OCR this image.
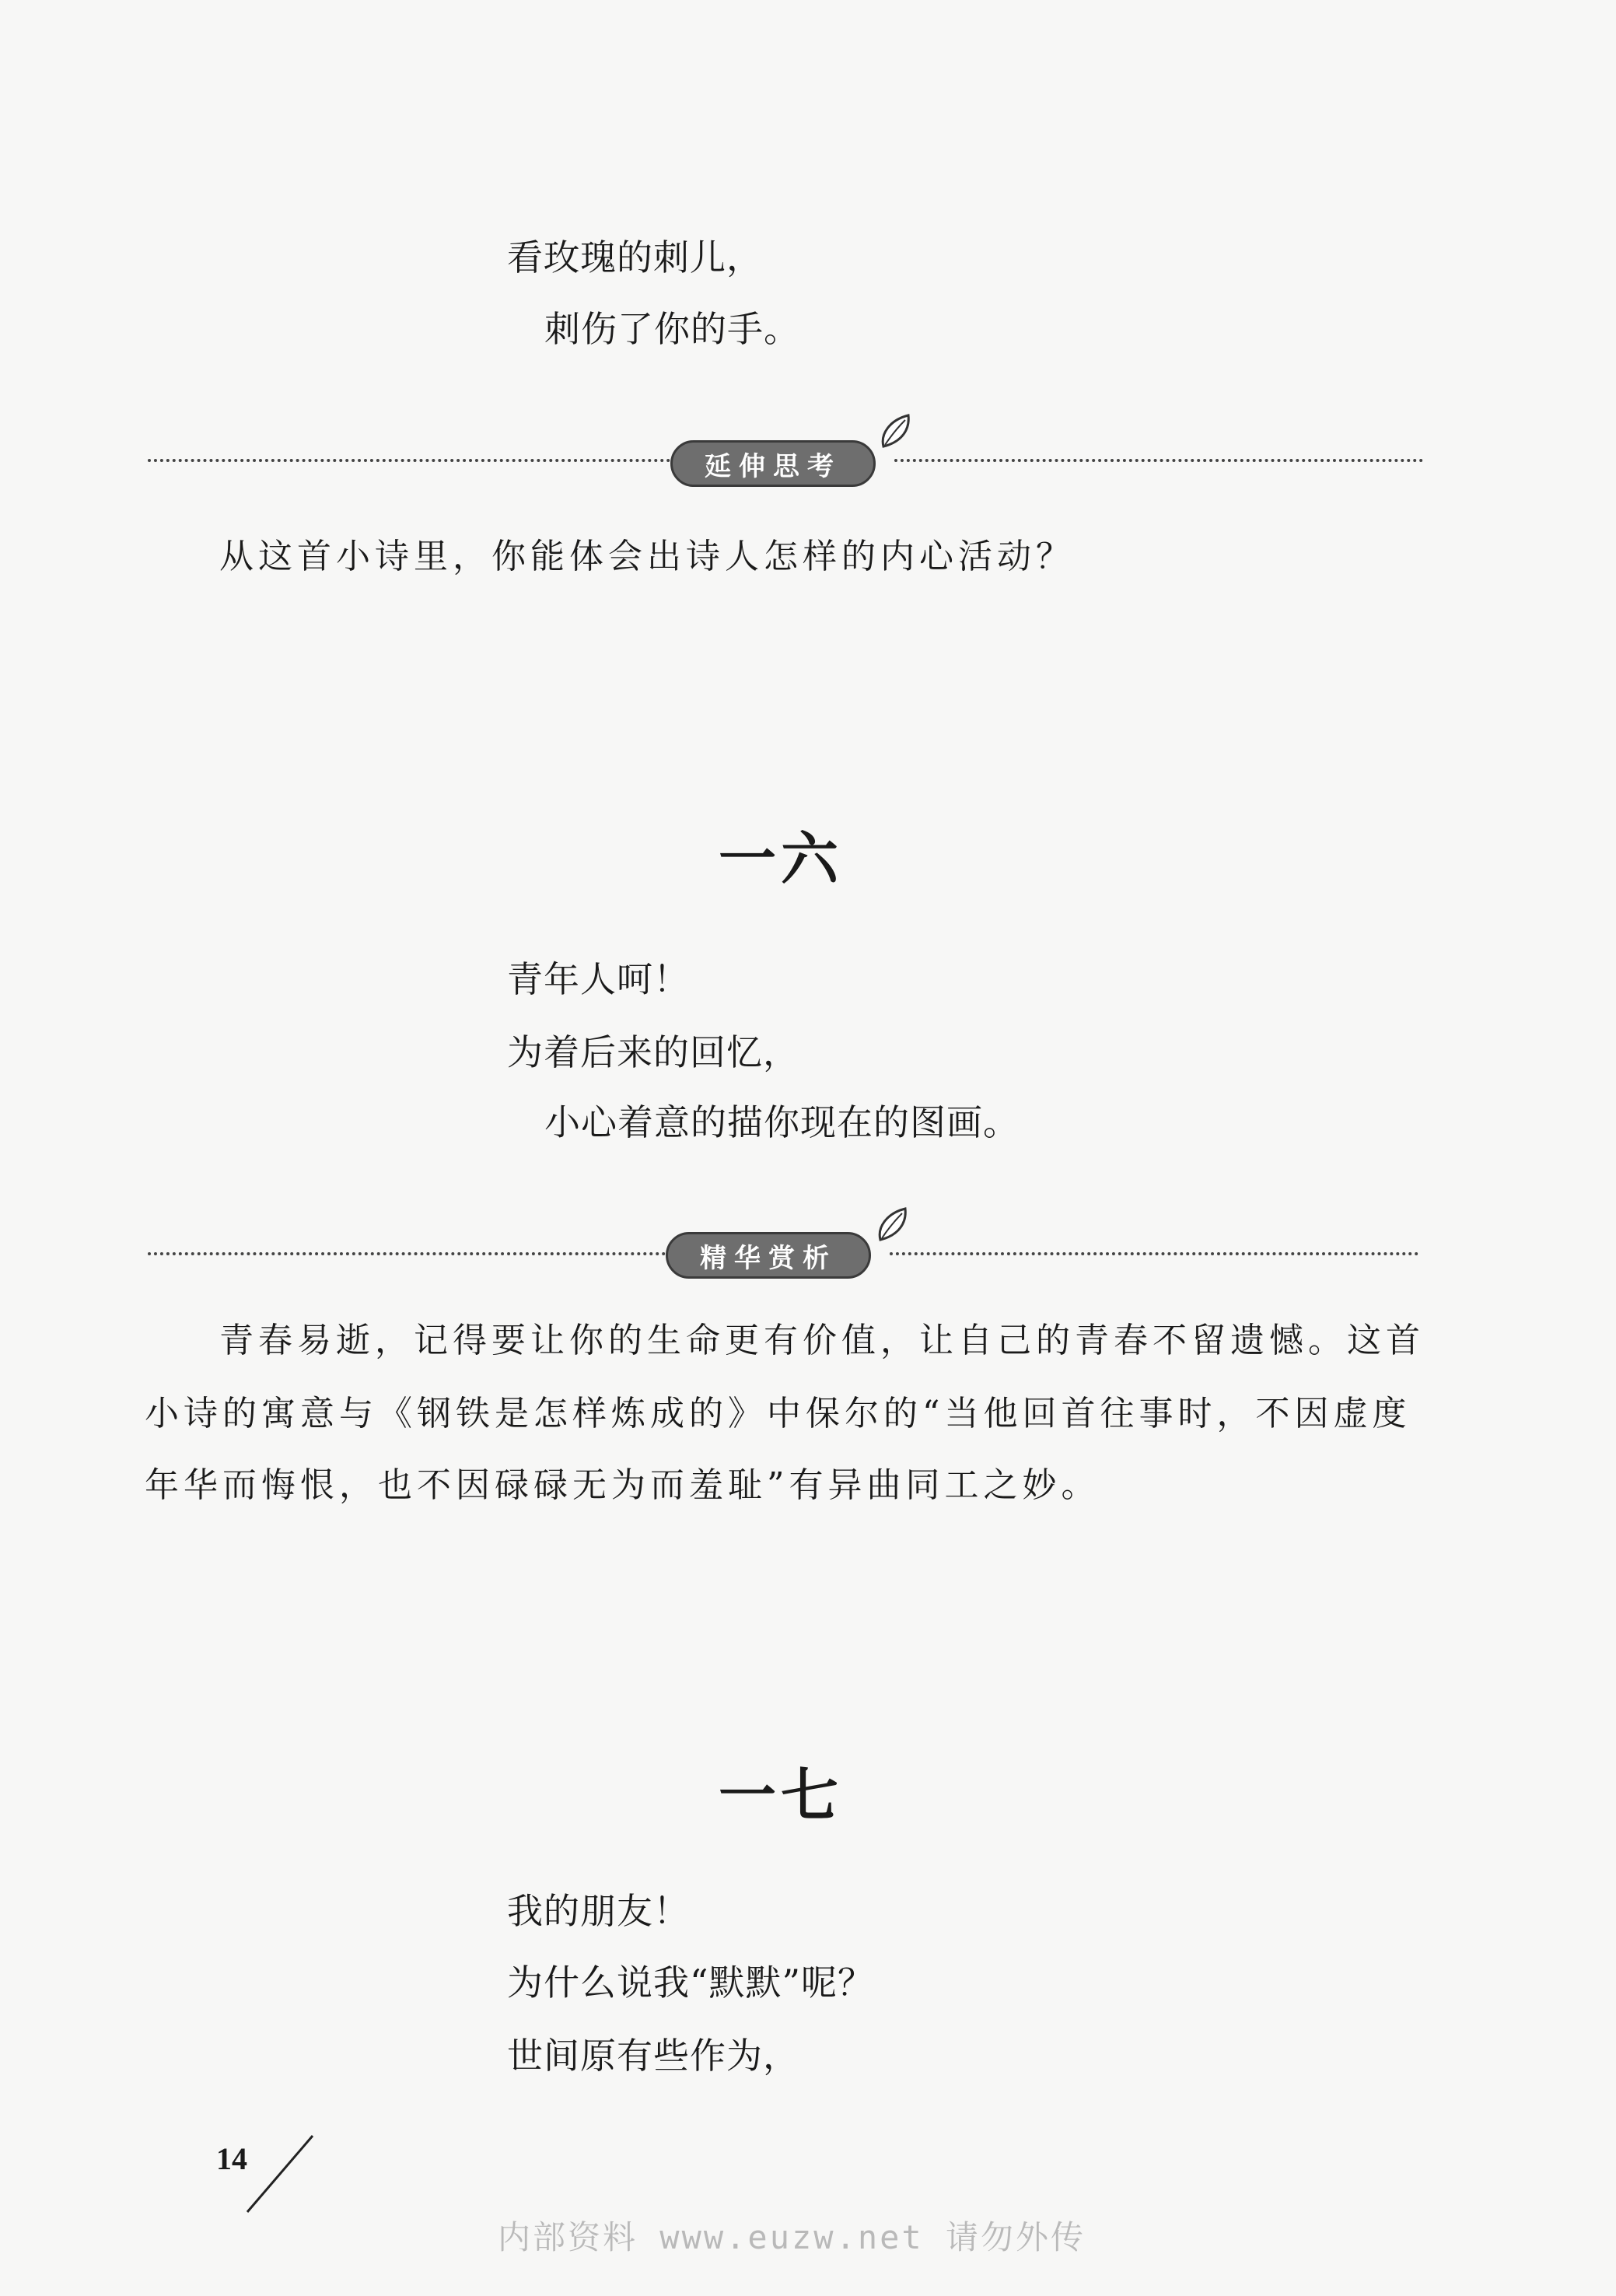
看玫瑰的刺儿，
刺伤了你的手。
延伸思考
从这首小诗里，你能体会出诗人怎样的内心活动？
一六
青年人呵！
为着后来的回忆，
小心着意的描你现在的图画。
精华赏析
青春易逝，记得要让你的生命更有价值，让自己的青春不留遗憾。这首
小诗的寓意与《钢铁是怎样炼成的》中保尔的“当他回首往事时，不因虚度
年华而悔恨，也不因碌碌无为而羞耻”有异曲同工之妙。
一七
我的朋友！
为什么说我“默默”呢？
世间原有些作为，
14
内部资料 www.euzw.net 请勿外传
